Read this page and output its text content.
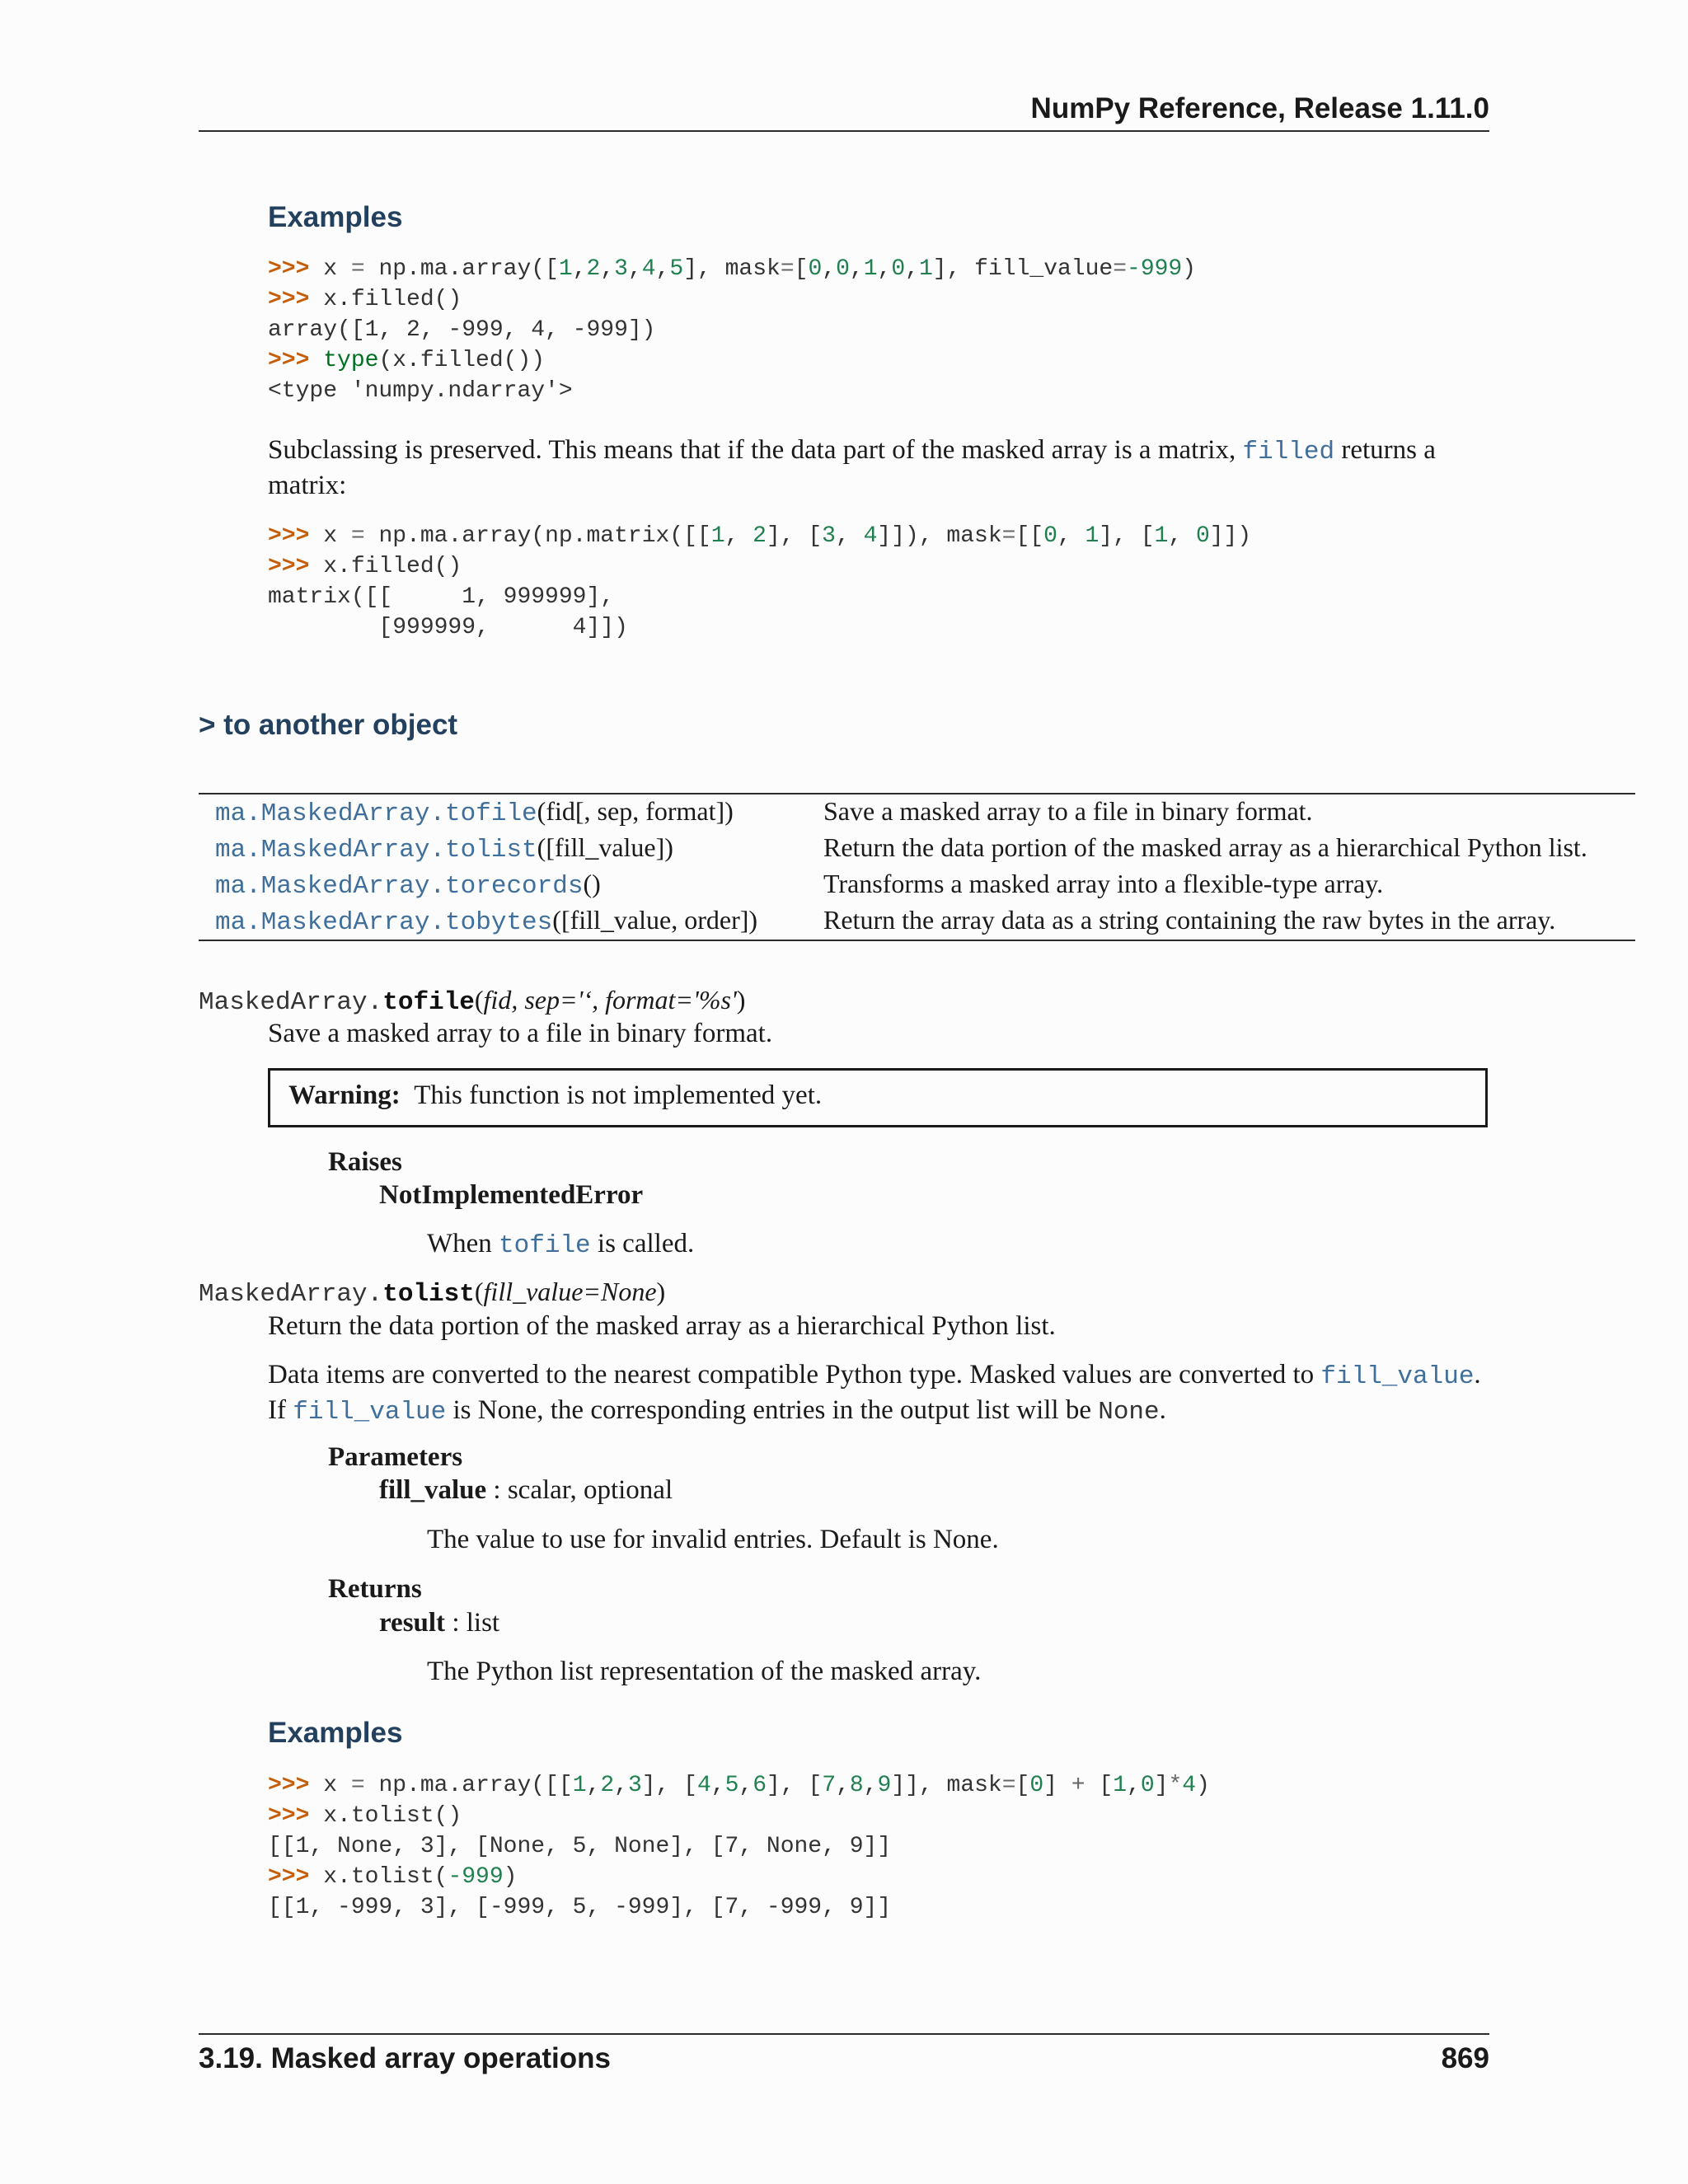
NumPy Reference, Release 1.11.0
Examples
>>> x = np.ma.array([1,2,3,4,5], mask=[0,0,1,0,1], fill_value=-999)
>>> x.filled()
array([1, 2, -999, 4, -999])
>>> type(x.filled())
<type 'numpy.ndarray'>
Subclassing is preserved. This means that if the data part of the masked array is a matrix, filled returns a
matrix:
>>> x = np.ma.array(np.matrix([[1, 2], [3, 4]]), mask=[[0, 1], [1, 0]])
>>> x.filled()
matrix([[     1, 999999],
[999999,      4]])
> to another object
ma.MaskedArray.tofile(fid[, sep, format])	Save a masked array to a file in binary format.
ma.MaskedArray.tolist([fill_value])	Return the data portion of the masked array as a hierarchical Python list.
ma.MaskedArray.torecords()	Transforms a masked array into a flexible-type array.
ma.MaskedArray.tobytes([fill_value, order])	Return the array data as a string containing the raw bytes in the array.
MaskedArray.tofile(fid, sep='‘, format='%s')
Save a masked array to a file in binary format.
Warning: This function is not implemented yet.
Raises
NotImplementedError
When tofile is called.
MaskedArray.tolist(fill_value=None)
Return the data portion of the masked array as a hierarchical Python list.
Data items are converted to the nearest compatible Python type. Masked values are converted to fill_value.
If fill_value is None, the corresponding entries in the output list will be None.
Parameters
fill_value : scalar, optional
The value to use for invalid entries. Default is None.
Returns
result : list
The Python list representation of the masked array.
Examples
>>> x = np.ma.array([[1,2,3], [4,5,6], [7,8,9]], mask=[0] + [1,0]*4)
>>> x.tolist()
[[1, None, 3], [None, 5, None], [7, None, 9]]
>>> x.tolist(-999)
[[1, -999, 3], [-999, 5, -999], [7, -999, 9]]
3.19. Masked array operations	869
